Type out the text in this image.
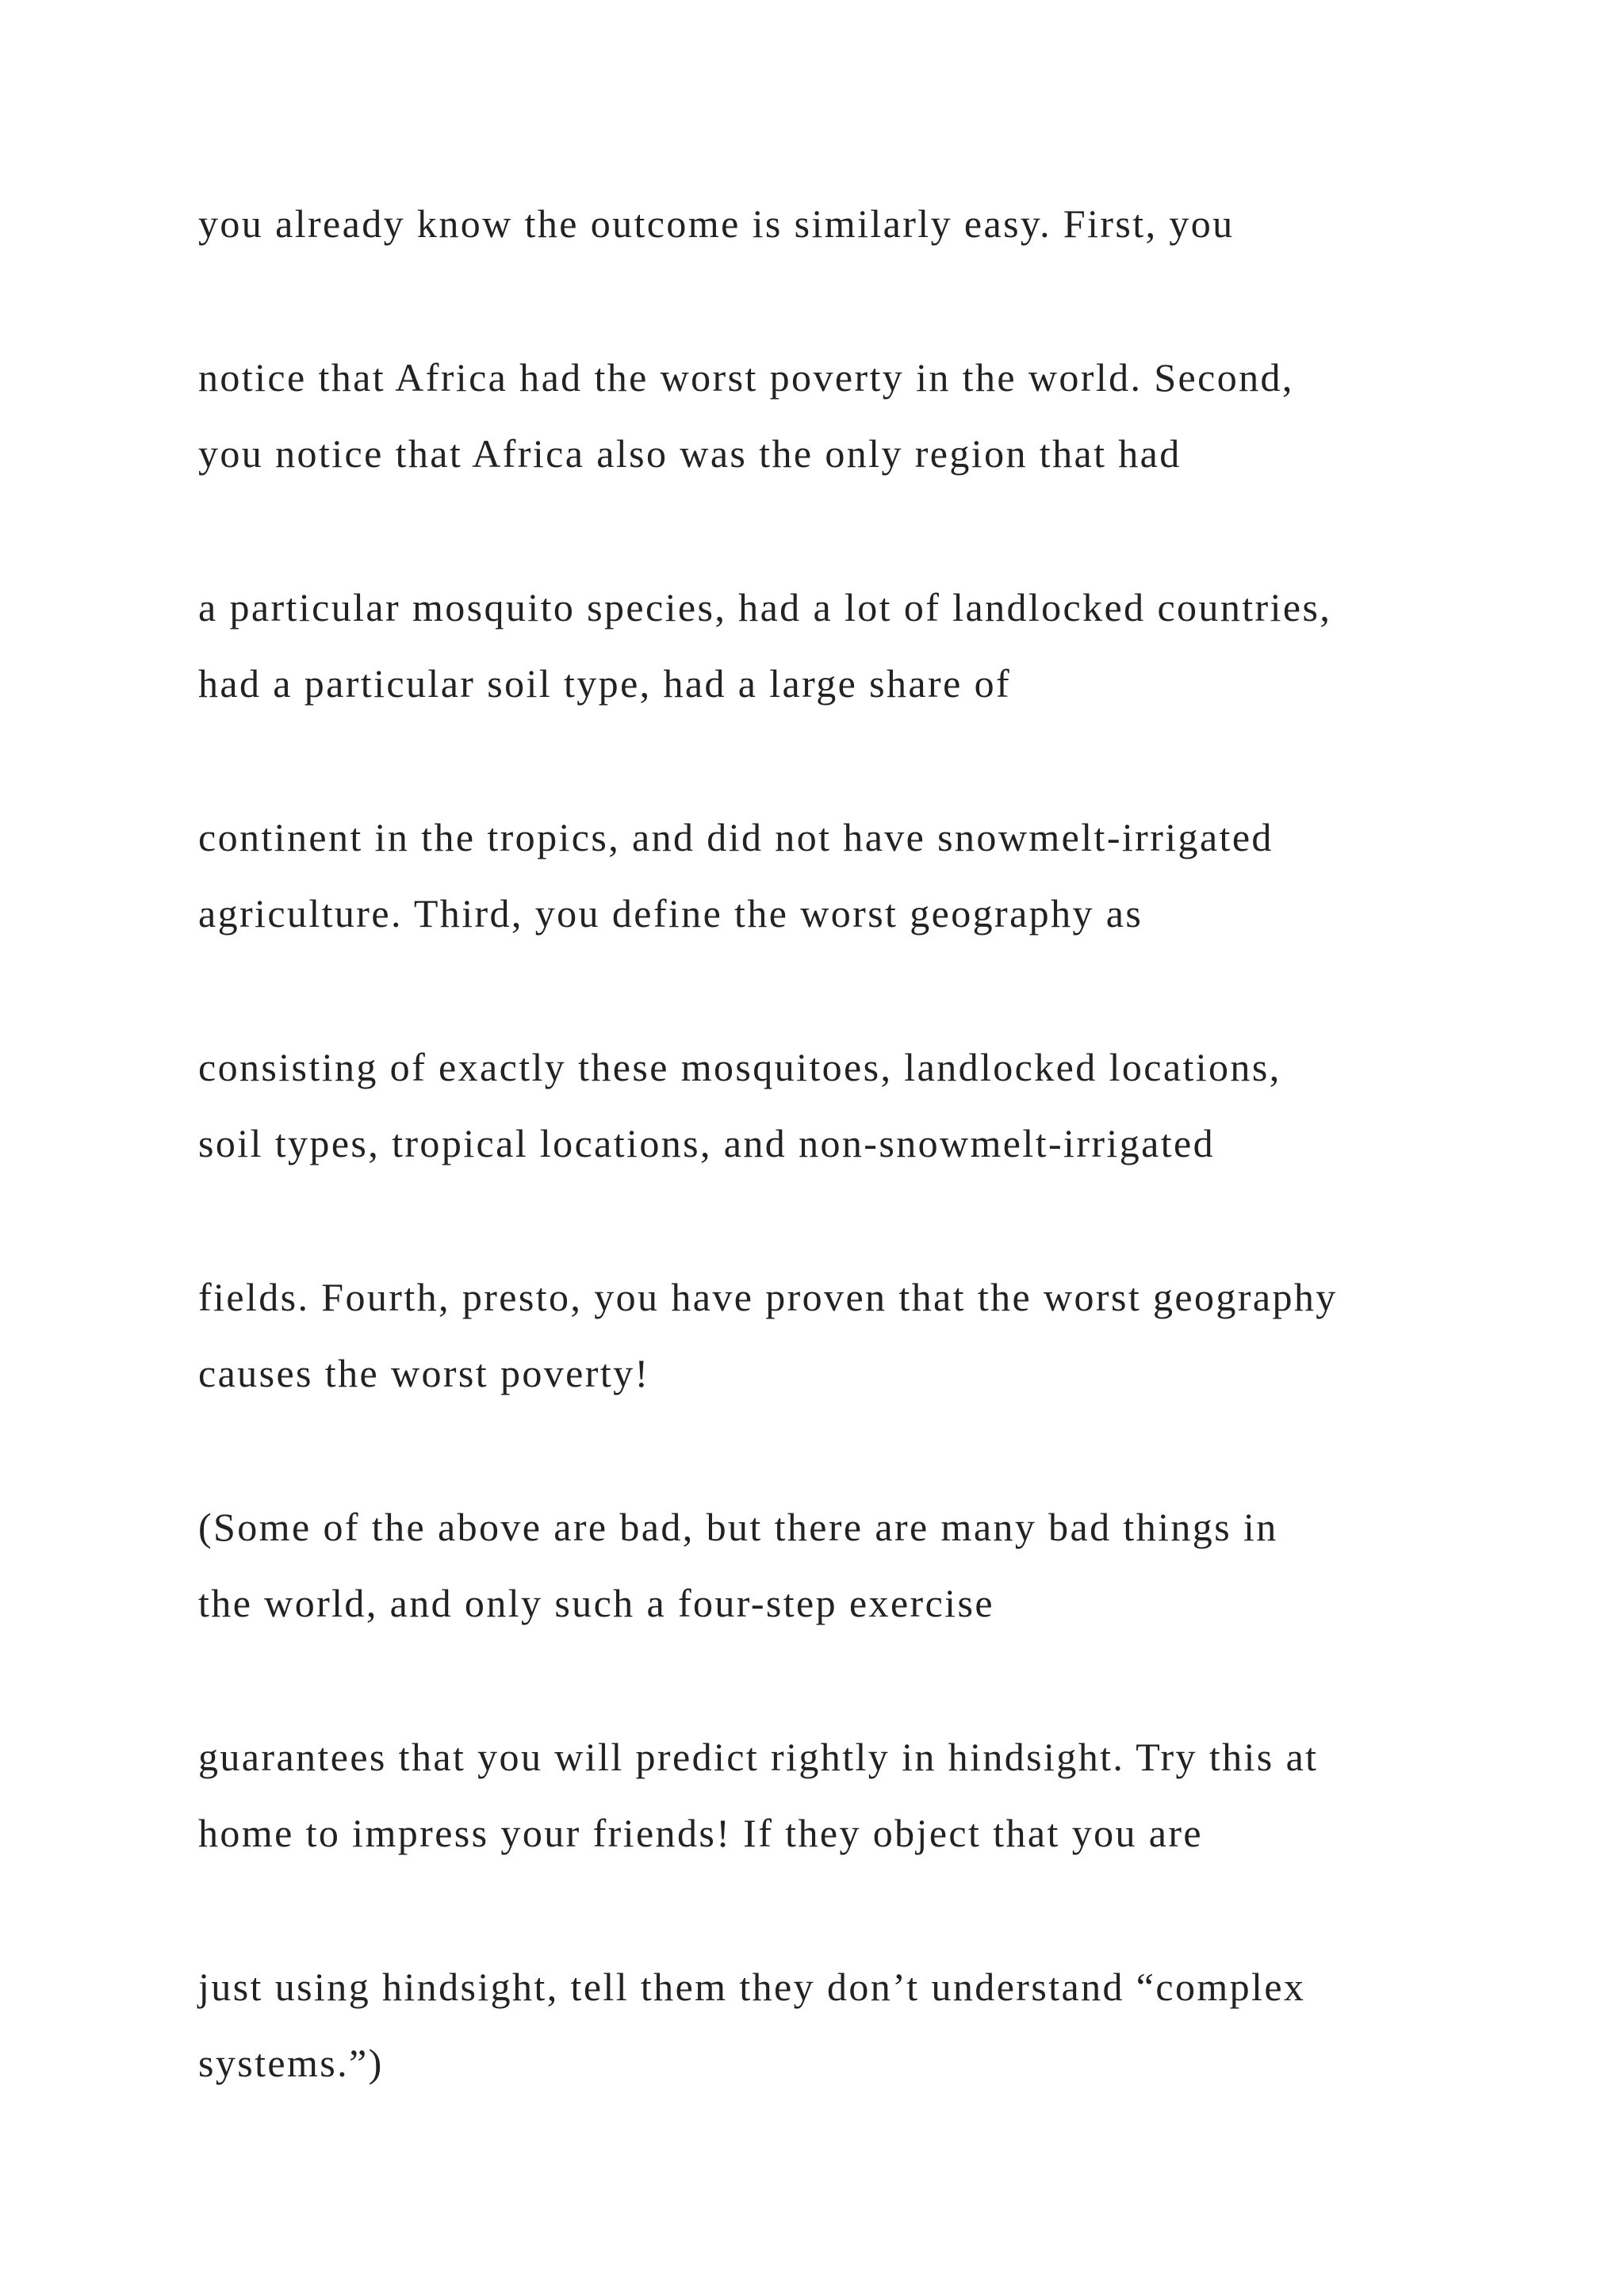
you already know the outcome is similarly easy. First, you

notice that Africa had the worst poverty in the world. Second,

you notice that Africa also was the only region that had

a particular mosquito species, had a lot of landlocked countries,

had a particular soil type, had a large share of

continent in the tropics, and did not have snowmelt-irrigated

agriculture. Third, you define the worst geography as

consisting of exactly these mosquitoes, landlocked locations,

soil types, tropical locations, and non-snowmelt-irrigated

fields. Fourth, presto, you have proven that the worst geography

causes the worst poverty!

(Some of the above are bad, but there are many bad things in

the world, and only such a four-step exercise

guarantees that you will predict rightly in hindsight. Try this at

home to impress your friends! If they object that you are

just using hindsight, tell them they don’t understand “complex

systems.”)
